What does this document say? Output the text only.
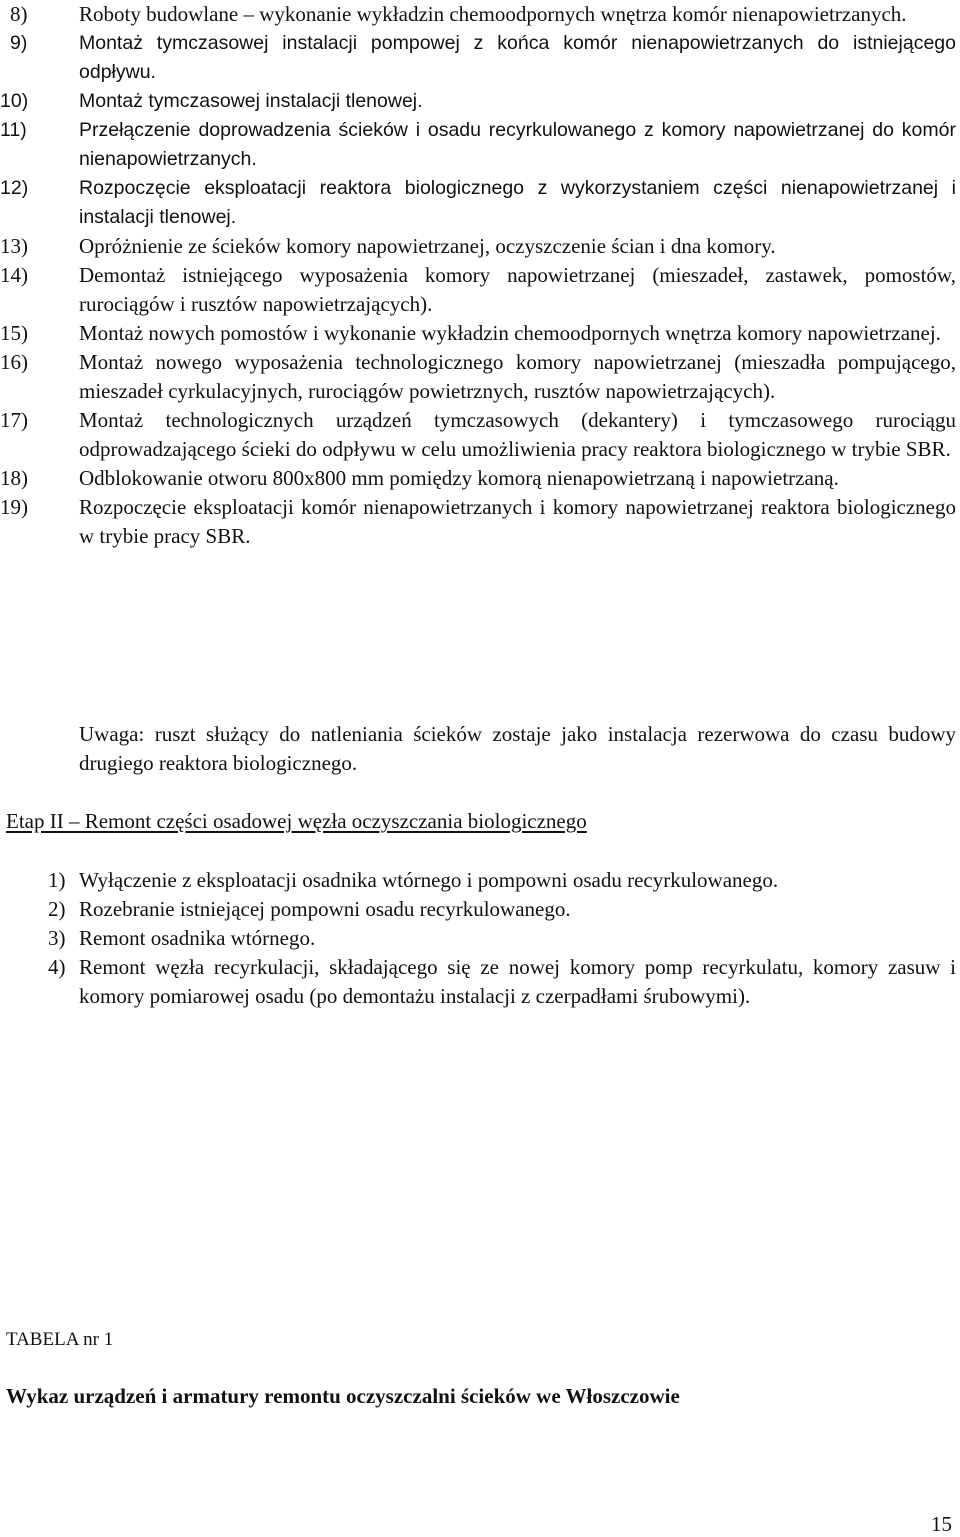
8)	Roboty budowlane – wykonanie wykładzin chemoodpornych wnętrza komór nienapowietrzanych.
9)	Montaż tymczasowej instalacji pompowej z końca komór nienapowietrzanych do istniejącego odpływu.
10)	Montaż tymczasowej instalacji tlenowej.
11)	Przełączenie doprowadzenia ścieków i osadu recyrkulowanego z komory napowietrzanej do komór nienapowietrzanych.
12)	Rozpoczęcie eksploatacji reaktora biologicznego z wykorzystaniem części nienapowietrzanej i instalacji tlenowej.
13)	Opróżnienie ze ścieków komory napowietrzanej, oczyszczenie ścian i dna komory.
14)	Demontaż istniejącego wyposażenia komory napowietrzanej (mieszadeł, zastawek, pomostów, rurociągów i rusztów napowietrzających).
15)	Montaż nowych pomostów i wykonanie wykładzin chemoodpornych wnętrza komory napowietrzanej.
16)	Montaż nowego wyposażenia technologicznego komory napowietrzanej (mieszadła pompującego, mieszadeł cyrkulacyjnych, rurociągów powietrznych, rusztów napowietrzających).
17)	Montaż technologicznych urządzeń tymczasowych (dekantery) i tymczasowego rurociągu odprowadzającego ścieki do odpływu w celu umożliwienia pracy reaktora biologicznego w trybie SBR.
18)	Odblokowanie otworu 800x800 mm pomiędzy komorą nienapowietrzaną i napowietrzaną.
19)	Rozpoczęcie eksploatacji komór nienapowietrzanych i komory napowietrzanej reaktora biologicznego w trybie pracy SBR.

Uwaga: ruszt służący do natleniania ścieków zostaje jako instalacja rezerwowa do czasu budowy drugiego reaktora biologicznego.

Etap II – Remont części osadowej węzła oczyszczania biologicznego
1) Wyłączenie z eksploatacji osadnika wtórnego i pompowni osadu recyrkulowanego.
2) Rozebranie istniejącej pompowni osadu recyrkulowanego.
3) Remont osadnika wtórnego.
4) Remont węzła recyrkulacji, składającego się ze nowej komory pomp recyrkulatu, komory zasuw i komory pomiarowej osadu (po demontażu instalacji z czerpadłami śrubowymi).
TABELA nr 1
Wykaz urządzeń i armatury remontu oczyszczalni ścieków we Włoszczowie
15
